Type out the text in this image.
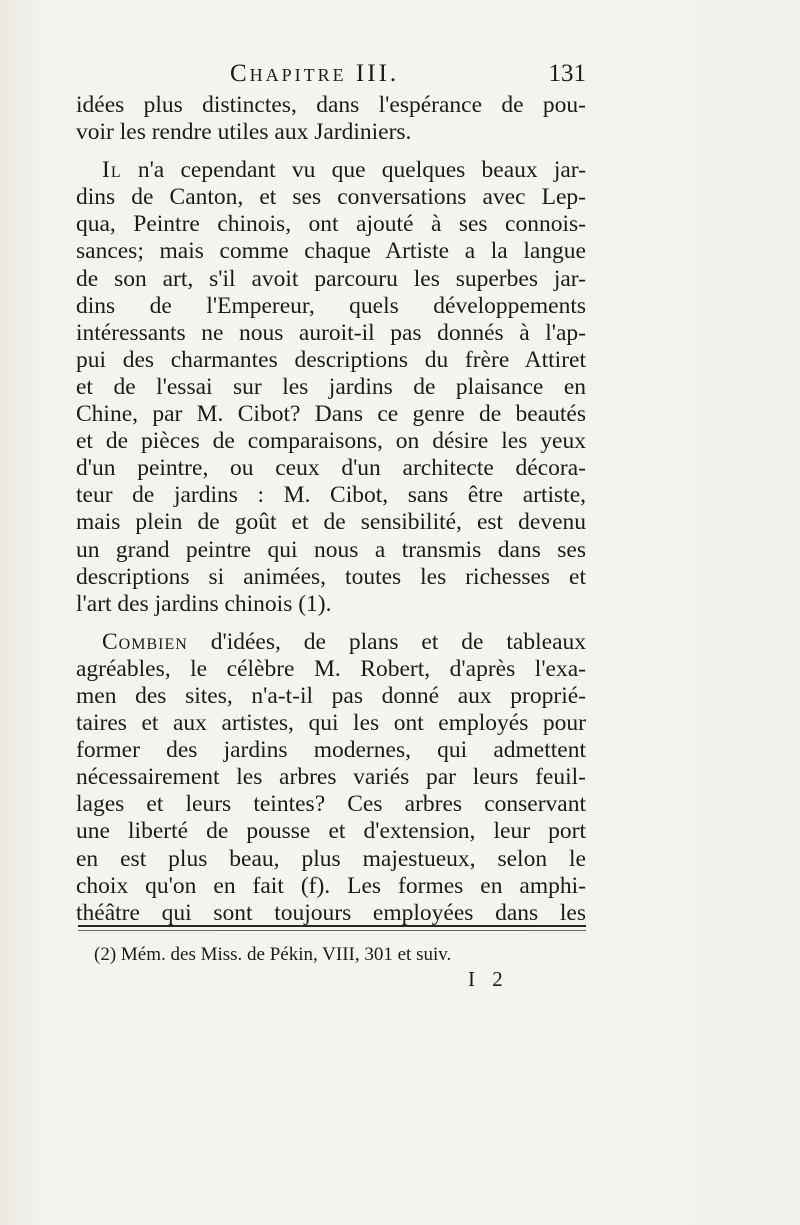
Chapitre III.	131
idées plus distinctes, dans l'espérance de pou-
voir les rendre utiles aux Jardiniers.
Il n'a cependant vu que quelques beaux jar-
dins de Canton, et ses conversations avec Lep-
qua, Peintre chinois, ont ajouté à ses connois-
sances; mais comme chaque Artiste a la langue
de son art, s'il avoit parcouru les superbes jar-
dins de l'Empereur, quels développements
intéressants ne nous auroit-il pas donnés à l'ap-
pui des charmantes descriptions du frère Attiret
et de l'essai sur les jardins de plaisance en
Chine, par M. Cibot? Dans ce genre de beautés
et de pièces de comparaisons, on désire les yeux
d'un peintre, ou ceux d'un architecte décora-
teur de jardins : M. Cibot, sans être artiste,
mais plein de goût et de sensibilité, est devenu
un grand peintre qui nous a transmis dans ses
descriptions si animées, toutes les richesses et
l'art des jardins chinois (1).
Combien d'idées, de plans et de tableaux
agréables, le célèbre M. Robert, d'après l'exa-
men des sites, n'a-t-il pas donné aux proprié-
taires et aux artistes, qui les ont employés pour
former des jardins modernes, qui admettent
nécessairement les arbres variés par leurs feuil-
lages et leurs teintes? Ces arbres conservant
une liberté de pousse et d'extension, leur port
en est plus beau, plus majestueux, selon le
choix qu'on en fait (f). Les formes en amphi-
théâtre qui sont toujours employées dans les
(2) Mém. des Miss. de Pékin, VIII, 301 et suiv.
I 2
